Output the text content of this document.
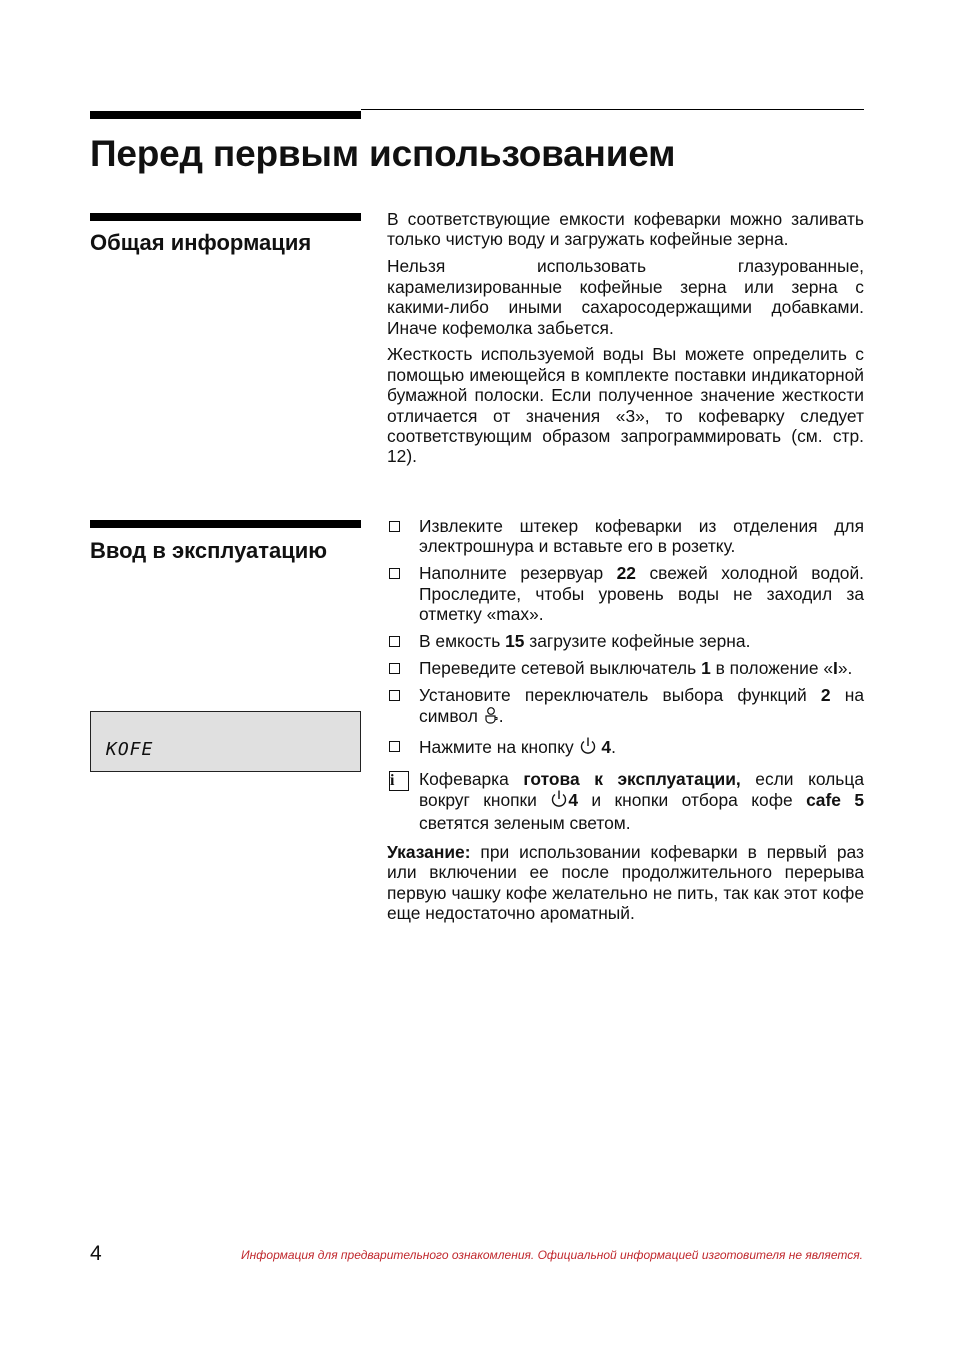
Перед первым использованием
Общая информация

В соответствующие емкости кофеварки можно заливать только чистую воду и загружать кофейные зерна.

Нельзя использовать глазурованные, карамелизированные кофейные зерна или зерна с какими-либо иными сахаросодержащими добавками. Иначе кофемолка забьется.

Жесткость используемой воды Вы можете определить с помощью имеющейся в комплекте поставки индикаторной бумажной полоски. Если полученное значение жесткости отличается от значения «3», то кофеварку следует соответствующим образом запрограммировать (см. стр. 12).

Ввод в эксплуатацию
KOFE
Извлеките штекер кофеварки из отделения для электрошнура и вставьте его в розетку.
Наполните резервуар 22 свежей холодной водой. Проследите, чтобы уровень воды не заходил за отметку «max».
В емкость 15 загрузите кофейные зерна.
Переведите сетевой выключатель 1 в положение «I».
Установите переключатель выбора функций 2 на символ .
Нажмите на кнопку  4.
i	Кофеварка готова к эксплуатации, если кольца вокруг кнопки 4 и кнопки отбора кофе cafe 5 светятся зеленым светом.
Указание: при использовании кофеварки в первый раз или включении ее после продолжительного перерыва первую чашку кофе желательно не пить, так как этот кофе еще недостаточно ароматный.
4	Информация для предварительного ознакомления. Официальной информацией изготовителя не является.
